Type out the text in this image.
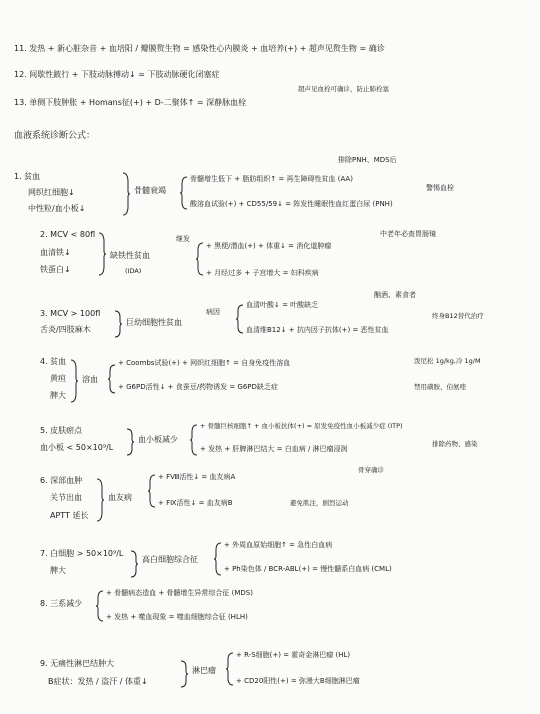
11. 发热 + 新心脏杂音 + 血培阳 / 瓣膜赘生物 = 感染性心内膜炎 + 血培养(+) + 超声见赘生物 = 确诊
12. 间歇性跛行 + 下肢动脉搏动↓ = 下肢动脉硬化闭塞症
超声见血栓可确诊，防止肺栓塞
13. 单侧下肢肿胀 + Homans征(+) + D-二聚体↑ = 深静脉血栓
血液系统诊断公式：
1. 贫血
网织红细胞↓
中性粒/血小板↓
骨髓衰竭
排除PNH、MDS后
骨髓增生低下 + 脂肪组织↑ = 再生障碍性贫血 (AA)
酸溶血试验(+) + CD55/59↓ = 阵发性睡眠性血红蛋白尿 (PNH)
警惕血栓
2. MCV < 80fl
血清铁↓
铁蛋白↓
缺铁性贫血
(IDA)
继发
中老年必查胃肠镜
+ 黑便/潜血(+) + 体重↓ = 消化道肿瘤
+ 月经过多 + 子宫增大 = 妇科疾病
3. MCV > 100fl
舌炎/四肢麻木
巨幼细胞性贫血
病因
酗酒、素食者
血清叶酸↓ = 叶酸缺乏
血清维B12↓ + 抗内因子抗体(+) = 恶性贫血
终身B12替代治疗
4. 贫血
黄疸
脾大
溶血
+ Coombs试验(+) + 网织红细胞↑ = 自身免疫性溶血	泼尼松 1g/kg,冷 1g/M
+ G6PD活性↓ + 食蚕豆/药物诱发 = G6PD缺乏症	禁用磺胺、伯氨喹
5. 皮肤瘀点
血小板 < 50×10⁹/L
血小板减少
+ 骨髓巨核细胞↑ + 血小板抗体(+) = 原发免疫性血小板减少症 (ITP)
排除药物、感染
+ 发热 + 肝脾淋巴结大 = 白血病 / 淋巴瘤浸润
骨穿确诊
6. 深部血肿
关节出血
APTT 延长
血友病
+ FⅧ活性↓ = 血友病A
+ FⅨ活性↓ = 血友病B	避免肌注，剧烈运动
7. 白细胞 > 50×10⁹/L
脾大
高白细胞综合征
+ 外周血原始细胞↑ = 急性白血病
+ Ph染色体 / BCR-ABL(+) = 慢性髓系白血病 (CML)
8. 三系减少
+ 骨髓病态造血 + 骨髓增生异常综合征 (MDS)
+ 发热 + 噬血现象 = 噬血细胞综合征 (HLH)
9. 无痛性淋巴结肿大
B症状：发热 / 盗汗 / 体重↓
淋巴瘤
+ R-S细胞(+) = 霍奇金淋巴瘤 (HL)
+ CD20阳性(+) = 弥漫大B细胞淋巴瘤
